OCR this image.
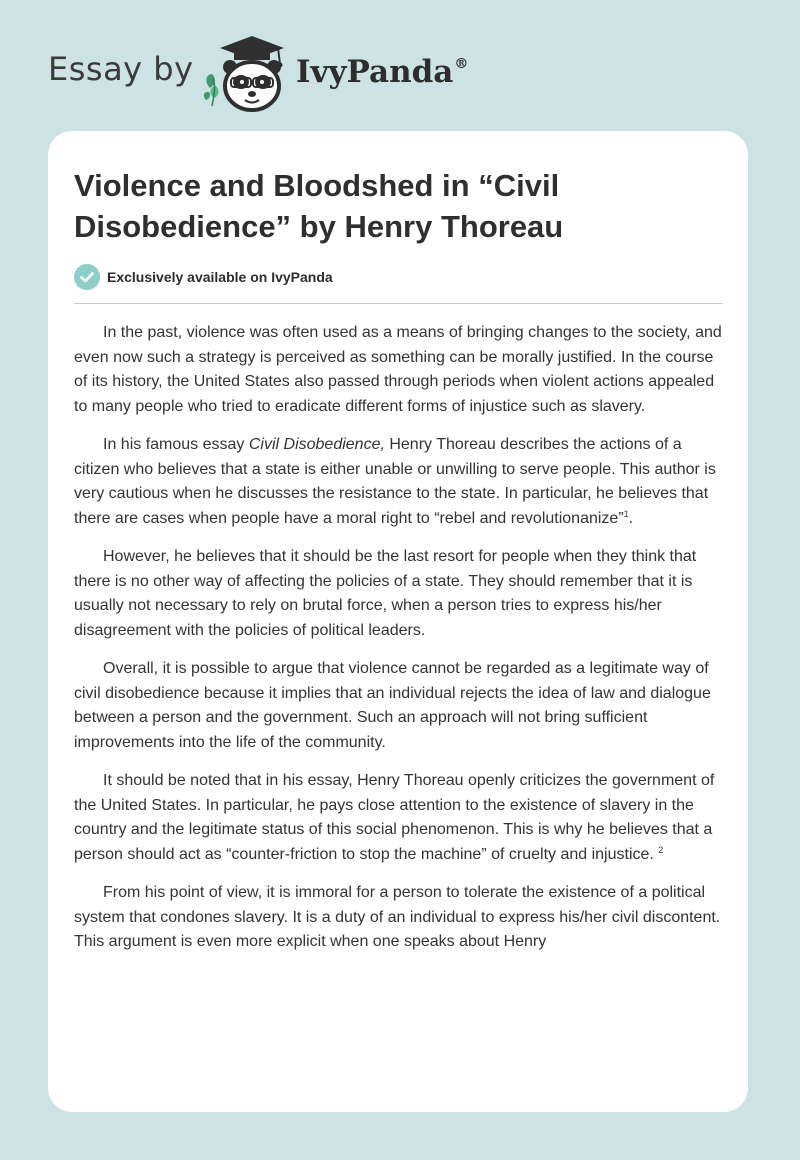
Essay by	IvyPanda®
Violence and Bloodshed in “Civil Disobedience” by Henry Thoreau
Exclusively available on IvyPanda

In the past, violence was often used as a means of bringing changes to the society, and even now such a strategy is perceived as something can be morally justified. In the course of its history, the United States also passed through periods when violent actions appealed to many people who tried to eradicate different forms of injustice such as slavery.

In his famous essay Civil Disobedience, Henry Thoreau describes the actions of a citizen who believes that a state is either unable or unwilling to serve people. This author is very cautious when he discusses the resistance to the state. In particular, he believes that there are cases when people have a moral right to “rebel and revolutionanize”$^1$.

However, he believes that it should be the last resort for people when they think that there is no other way of affecting the policies of a state. They should remember that it is usually not necessary to rely on brutal force, when a person tries to express his/her disagreement with the policies of political leaders.

Overall, it is possible to argue that violence cannot be regarded as a legitimate way of civil disobedience because it implies that an individual rejects the idea of law and dialogue between a person and the government. Such an approach will not bring sufficient improvements into the life of the community.

It should be noted that in his essay, Henry Thoreau openly criticizes the government of the United States. In particular, he pays close attention to the existence of slavery in the country and the legitimate status of this social phenomenon. This is why he believes that a person should act as “counter-friction to stop the machine” of cruelty and injustice. $^2$

From his point of view, it is immoral for a person to tolerate the existence of a political system that condones slavery. It is a duty of an individual to express his/her civil discontent. This argument is even more explicit when one speaks about Henry
